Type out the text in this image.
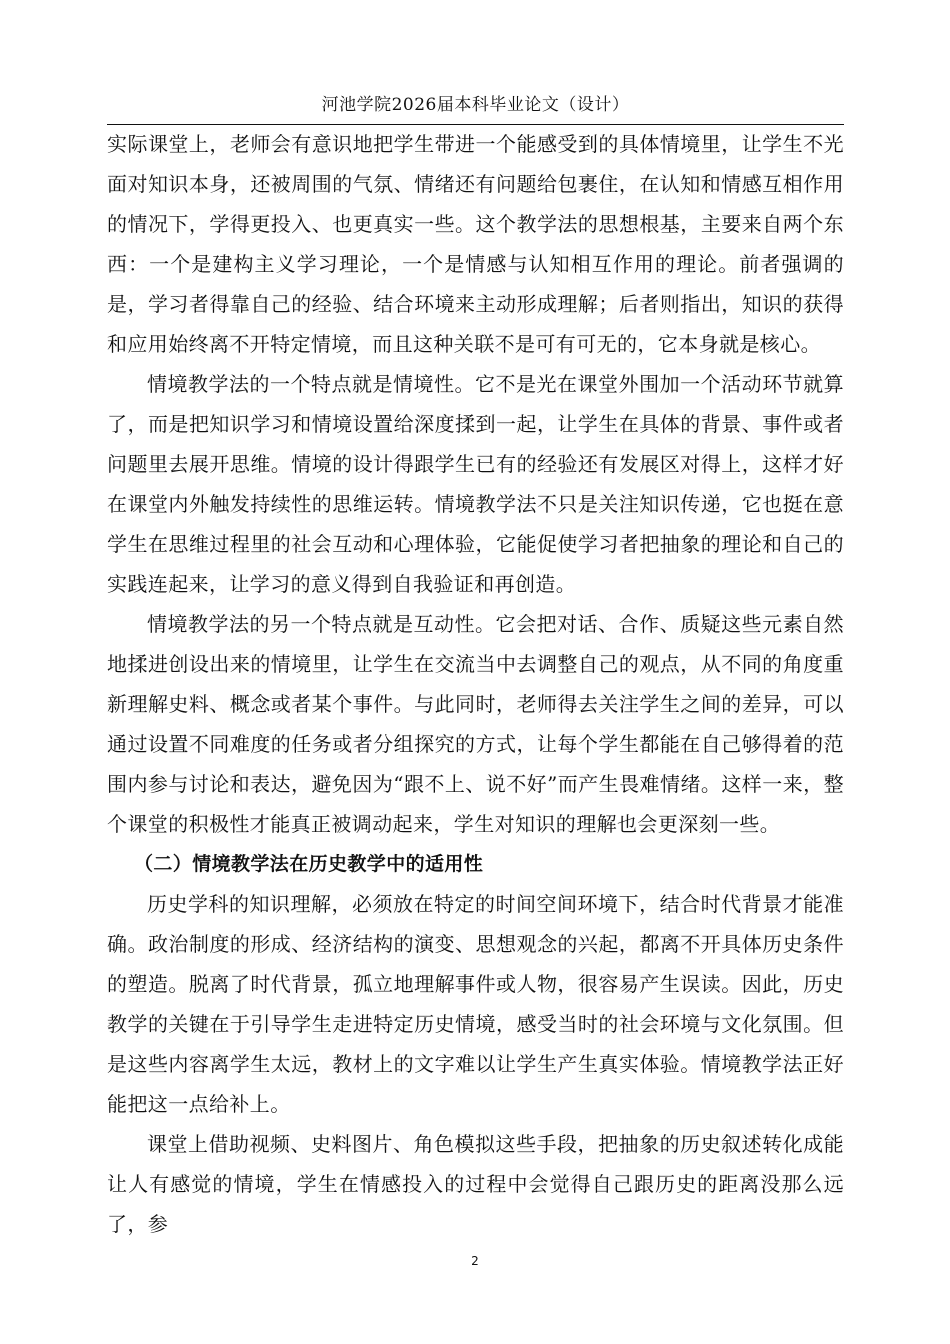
河池学院2026届本科毕业论文（设计）

实际课堂上，老师会有意识地把学生带进一个能感受到的具体情境里，让学生不光面对知识本身，还被周围的气氛、情绪还有问题给包裹住，在认知和情感互相作用的情况下，学得更投入、也更真实一些。这个教学法的思想根基，主要来自两个东西：一个是建构主义学习理论，一个是情感与认知相互作用的理论。前者强调的是，学习者得靠自己的经验、结合环境来主动形成理解；后者则指出，知识的获得和应用始终离不开特定情境，而且这种关联不是可有可无的，它本身就是核心。

情境教学法的一个特点就是情境性。它不是光在课堂外围加一个活动环节就算了，而是把知识学习和情境设置给深度揉到一起，让学生在具体的背景、事件或者问题里去展开思维。情境的设计得跟学生已有的经验还有发展区对得上，这样才好在课堂内外触发持续性的思维运转。情境教学法不只是关注知识传递，它也挺在意学生在思维过程里的社会互动和心理体验，它能促使学习者把抽象的理论和自己的实践连起来，让学习的意义得到自我验证和再创造。

情境教学法的另一个特点就是互动性。它会把对话、合作、质疑这些元素自然地揉进创设出来的情境里，让学生在交流当中去调整自己的观点，从不同的角度重新理解史料、概念或者某个事件。与此同时，老师得去关注学生之间的差异，可以通过设置不同难度的任务或者分组探究的方式，让每个学生都能在自己够得着的范围内参与讨论和表达，避免因为“跟不上、说不好”而产生畏难情绪。这样一来，整个课堂的积极性才能真正被调动起来，学生对知识的理解也会更深刻一些。

（二）情境教学法在历史教学中的适用性

历史学科的知识理解，必须放在特定的时间空间环境下，结合时代背景才能准确。政治制度的形成、经济结构的演变、思想观念的兴起，都离不开具体历史条件的塑造。脱离了时代背景，孤立地理解事件或人物，很容易产生误读。因此，历史教学的关键在于引导学生走进特定历史情境，感受当时的社会环境与文化氛围。但是这些内容离学生太远，教材上的文字难以让学生产生真实体验。情境教学法正好能把这一点给补上。

课堂上借助视频、史料图片、角色模拟这些手段，把抽象的历史叙述转化成能让人有感觉的情境，学生在情感投入的过程中会觉得自己跟历史的距离没那么远了，参

2
